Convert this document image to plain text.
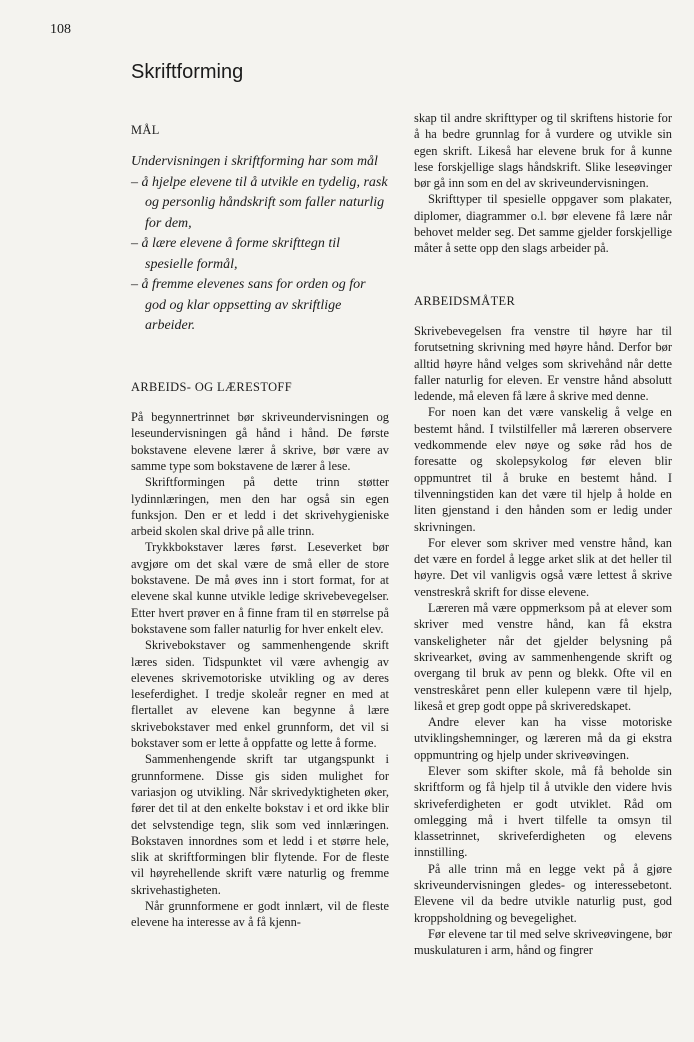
108
Skriftforming
MÅL

Undervisningen i skriftforming har som mål

– å hjelpe elevene til å utvikle en tydelig, rask og personlig håndskrift som faller naturlig for dem,
– å lære elevene å forme skrifttegn til spesielle formål,
– å fremme elevenes sans for orden og for god og klar oppsetting av skriftlige arbeider.
ARBEIDS- OG LÆRESTOFF

På begynnertrinnet bør skriveundervisningen og leseundervisningen gå hånd i hånd. De første bokstavene elevene lærer å skrive, bør være av samme type som bokstavene de lærer å lese.

Skriftformingen på dette trinn støtter lydinnlæringen, men den har også sin egen funksjon. Den er et ledd i det skrivehygieniske arbeid skolen skal drive på alle trinn.

Trykkbokstaver læres først. Leseverket bør avgjøre om det skal være de små eller de store bokstavene. De må øves inn i stort format, for at elevene skal kunne utvikle ledige skrivebevegelser. Etter hvert prøver en å finne fram til en størrelse på bokstavene som faller naturlig for hver enkelt elev.

Skrivebokstaver og sammenhengende skrift læres siden. Tidspunktet vil være avhengig av elevenes skrivemotoriske utvikling og av deres leseferdighet. I tredje skoleår regner en med at flertallet av elevene kan begynne å lære skrivebokstaver med enkel grunnform, det vil si bokstaver som er lette å oppfatte og lette å forme.

Sammenhengende skrift tar utgangspunkt i grunnformene. Disse gis siden mulighet for variasjon og utvikling. Når skrivedyktigheten øker, fører det til at den enkelte bokstav i et ord ikke blir det selvstendige tegn, slik som ved innlæringen. Bokstaven innordnes som et ledd i et større hele, slik at skriftformingen blir flytende. For de fleste vil høyrehellende skrift være naturlig og fremme skrivehastigheten.

Når grunnformene er godt innlært, vil de fleste elevene ha interesse av å få kjenn-

skap til andre skrifttyper og til skriftens historie for å ha bedre grunnlag for å vurdere og utvikle sin egen skrift. Likeså har elevene bruk for å kunne lese forskjellige slags håndskrift. Slike leseøvinger bør gå inn som en del av skriveundervisningen.

Skrifttyper til spesielle oppgaver som plakater, diplomer, diagrammer o.l. bør elevene få lære når behovet melder seg. Det samme gjelder forskjellige måter å sette opp den slags arbeider på.

ARBEIDSMÅTER

Skrivebevegelsen fra venstre til høyre har til forutsetning skrivning med høyre hånd. Derfor bør alltid høyre hånd velges som skrivehånd når dette faller naturlig for eleven. Er venstre hånd absolutt ledende, må eleven få lære å skrive med denne.

For noen kan det være vanskelig å velge en bestemt hånd. I tvilstilfeller må læreren observere vedkommende elev nøye og søke råd hos de foresatte og skolepsykolog før eleven blir oppmuntret til å bruke en bestemt hånd. I tilvenningstiden kan det være til hjelp å holde en liten gjenstand i den hånden som er ledig under skrivningen.

For elever som skriver med venstre hånd, kan det være en fordel å legge arket slik at det heller til høyre. Det vil vanligvis også være lettest å skrive venstreskrå skrift for disse elevene.

Læreren må være oppmerksom på at elever som skriver med venstre hånd, kan få ekstra vanskeligheter når det gjelder belysning på skrivearket, øving av sammenhengende skrift og overgang til bruk av penn og blekk. Ofte vil en venstreskåret penn eller kulepenn være til hjelp, likeså et grep godt oppe på skriveredskapet.

Andre elever kan ha visse motoriske utviklingshemninger, og læreren må da gi ekstra oppmuntring og hjelp under skriveøvingen.

Elever som skifter skole, må få beholde sin skriftform og få hjelp til å utvikle den videre hvis skriveferdigheten er godt utviklet. Råd om omlegging må i hvert tilfelle ta omsyn til klassetrinnet, skriveferdigheten og elevens innstilling.

På alle trinn må en legge vekt på å gjøre skriveundervisningen gledes- og interessebetont. Elevene vil da bedre utvikle naturlig pust, god kroppsholdning og bevegelighet.

Før elevene tar til med selve skriveøvingene, bør muskulaturen i arm, hånd og fingrer
